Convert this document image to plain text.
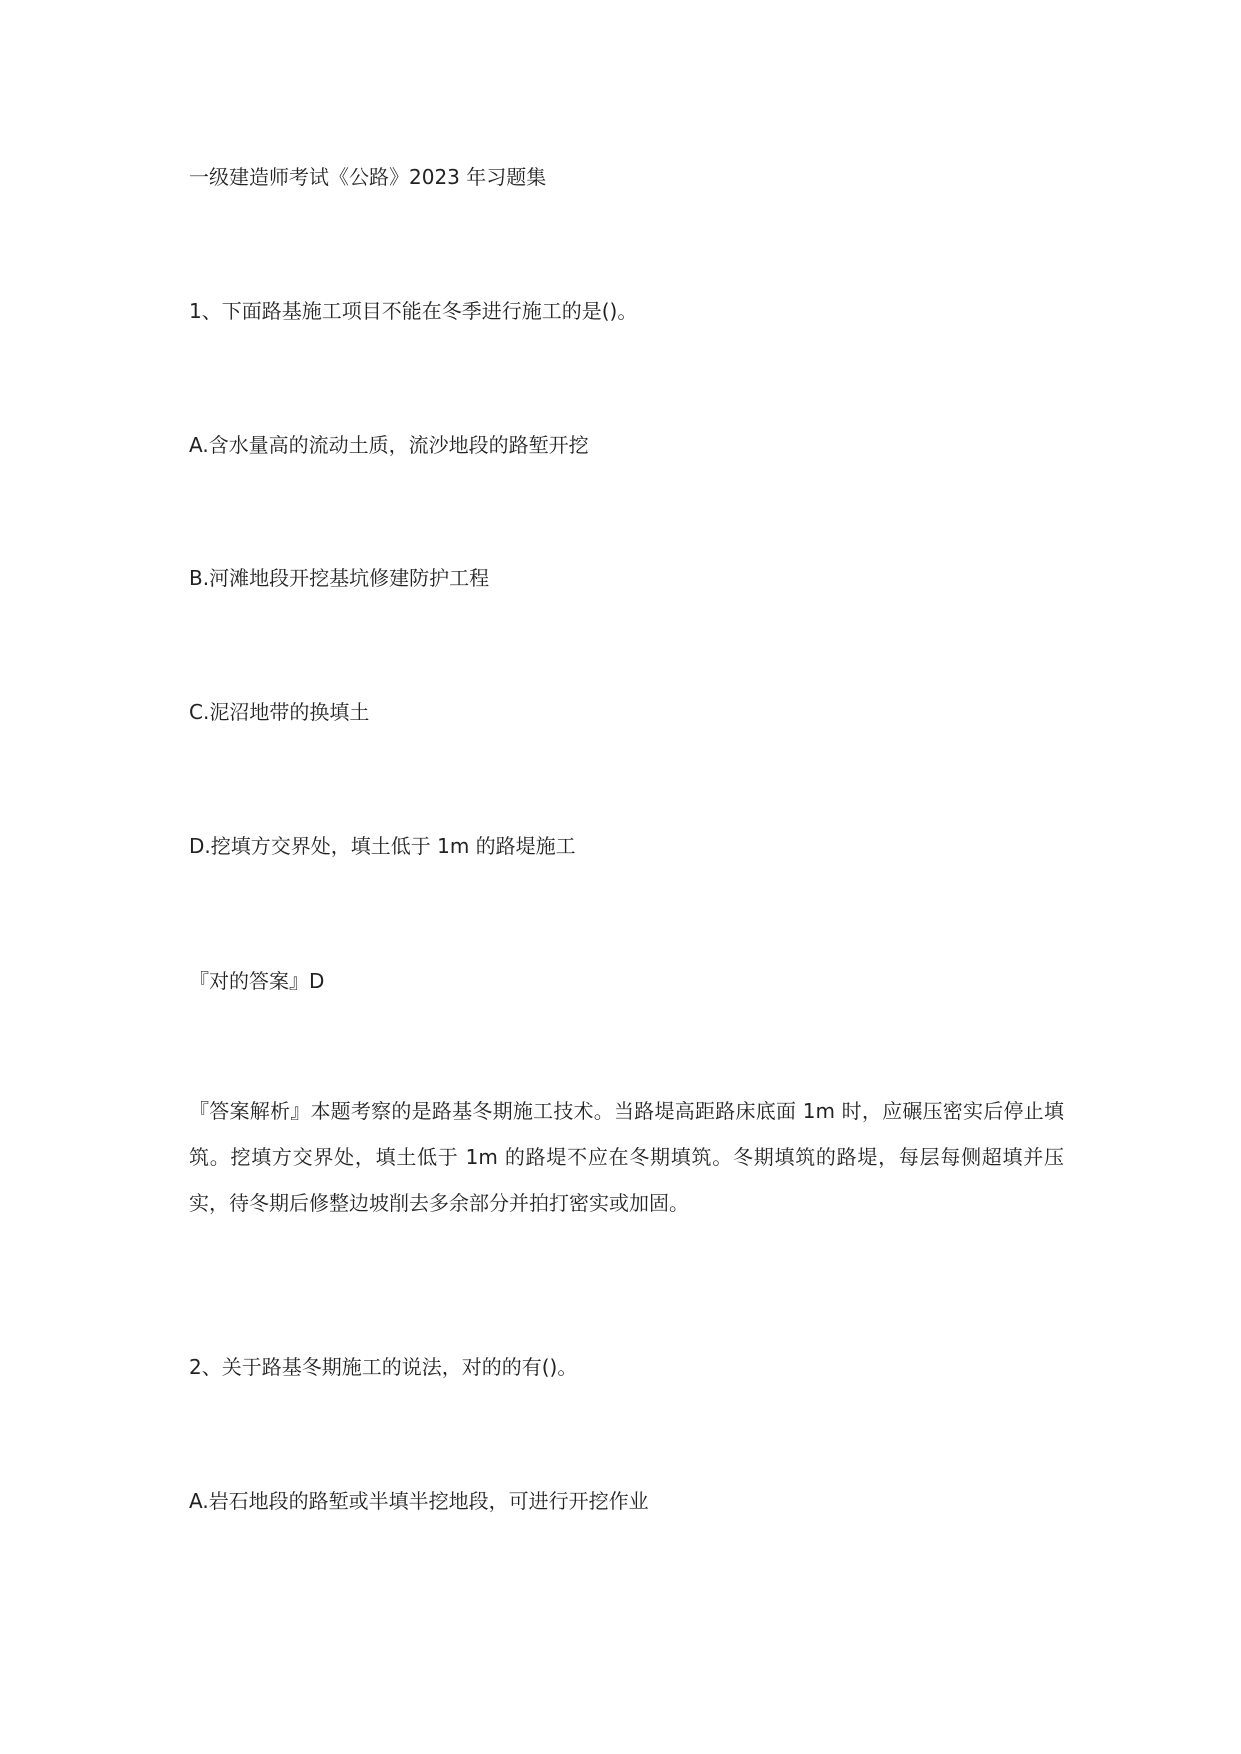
一级建造师考试《公路》2023 年习题集
1、下面路基施工项目不能在冬季进行施工的是()。
A.含水量高的流动土质，流沙地段的路堑开挖
B.河滩地段开挖基坑修建防护工程
C.泥沼地带的换填土
D.挖填方交界处，填土低于 1m 的路堤施工
『对的答案』D
『答案解析』本题考察的是路基冬期施工技术。当路堤高距路床底面 1m 时，应碾压密实后停止填筑。挖填方交界处，填土低于 1m 的路堤不应在冬期填筑。冬期填筑的路堤，每层每侧超填并压实，待冬期后修整边坡削去多余部分并拍打密实或加固。
2、关于路基冬期施工的说法，对的的有()。
A.岩石地段的路堑或半填半挖地段，可进行开挖作业
